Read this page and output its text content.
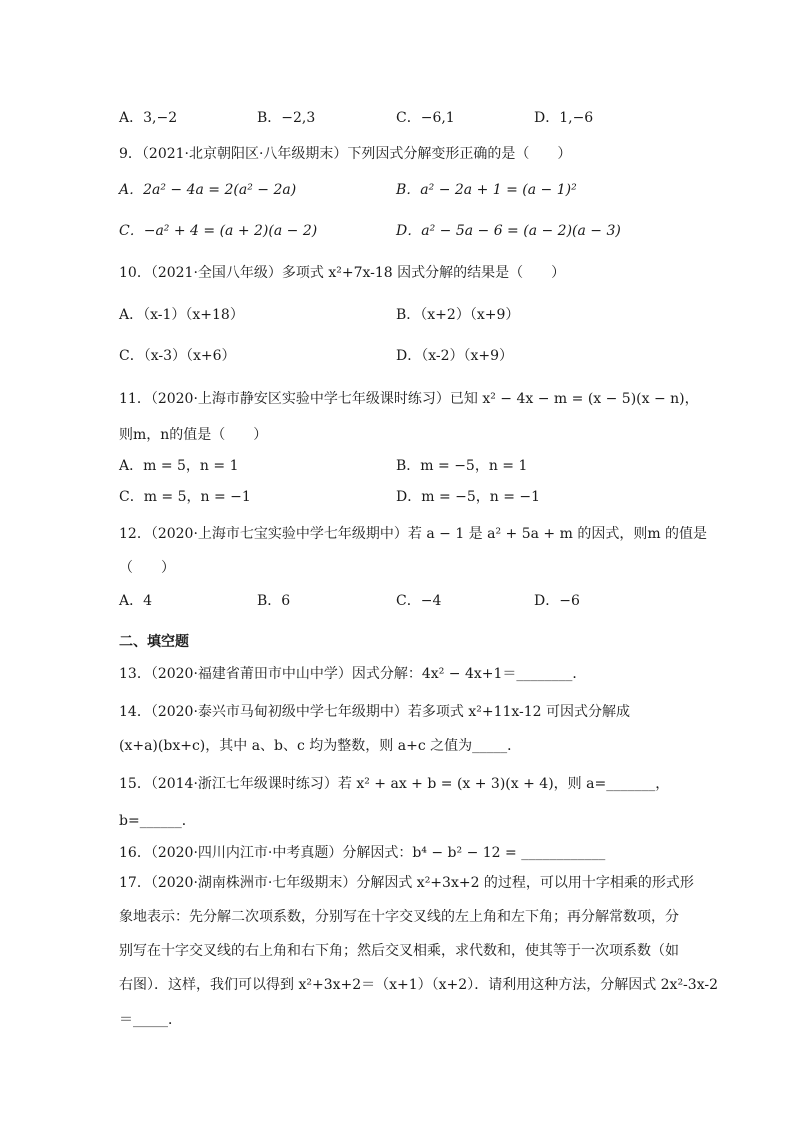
A．3,−2	B．−2,3	C．−6,1	D．1,−6
9．（2021·北京朝阳区·八年级期末）下列因式分解变形正确的是（　　）
A．2a² − 4a = 2(a² − 2a)	B．a² − 2a + 1 = (a − 1)²
C．−a² + 4 = (a + 2)(a − 2)	D．a² − 5a − 6 = (a − 2)(a − 3)
10．（2021·全国八年级）多项式 x²+7x-18 因式分解的结果是（　　）
A．（x-1）（x+18）	B．（x+2）（x+9）
C．（x-3）（x+6）	D．（x-2）（x+9）
11．（2020·上海市静安区实验中学七年级课时练习）已知 x² − 4x − m = (x − 5)(x − n)，
则m，n的值是（　　）
A．m = 5，n = 1	B．m = −5，n = 1
C．m = 5，n = −1	D．m = −5，n = −1
12．（2020·上海市七宝实验中学七年级期中）若 a − 1 是 a² + 5a + m 的因式，则m 的值是
（　　）
A．4	B．6	C．−4	D．−6
二、填空题
13．（2020·福建省莆田市中山中学）因式分解：4x² − 4x+1＝________．
14．（2020·泰兴市马甸初级中学七年级期中）若多项式 x²+11x-12 可因式分解成
(x+a)(bx+c)，其中 a、b、c 均为整数，则 a+c 之值为_____．
15．（2014·浙江七年级课时练习）若 x² + ax + b = (x + 3)(x + 4)，则 a=_______，
b=______．
16．（2020·四川内江市·中考真题）分解因式：b⁴ − b² − 12 = ____________
17．（2020·湖南株洲市·七年级期末）分解因式 x²+3x+2 的过程，可以用十字相乘的形式形
象地表示：先分解二次项系数，分别写在十字交叉线的左上角和左下角；再分解常数项，分
别写在十字交叉线的右上角和右下角；然后交叉相乘，求代数和，使其等于一次项系数（如
右图）．这样，我们可以得到 x²+3x+2＝（x+1）（x+2）．请利用这种方法，分解因式 2x²-3x-2
＝_____．
